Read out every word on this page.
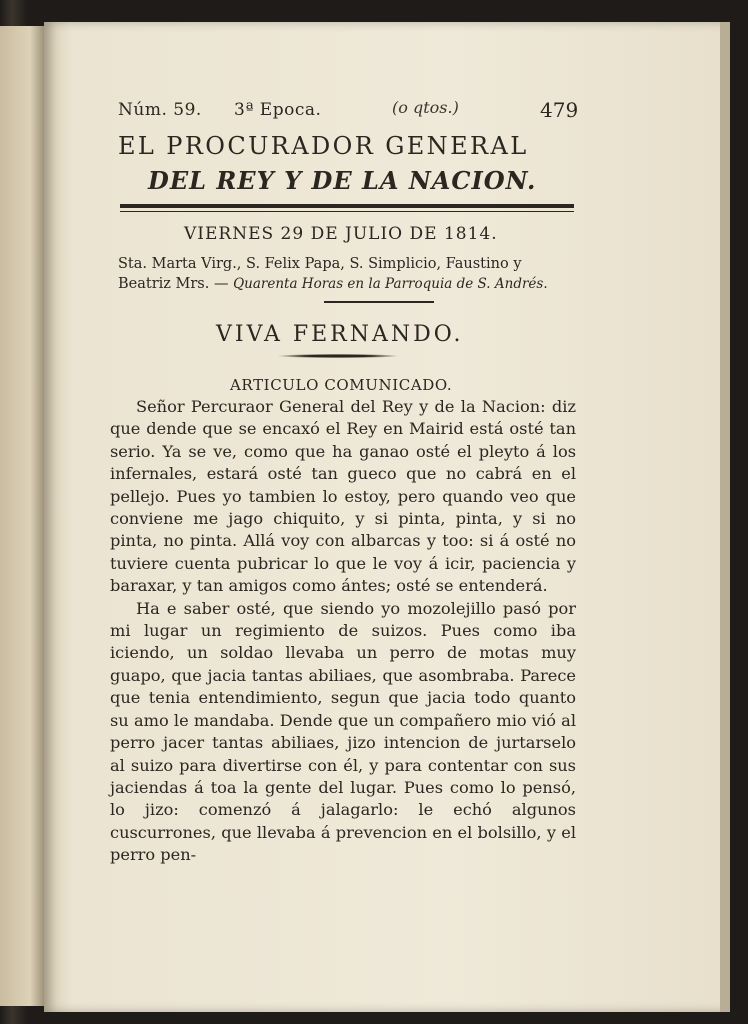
Núm. 59. 3ª Epoca.	(o qtos.)	479
EL PROCURADOR GENERAL
DEL REY Y DE LA NACION.
VIERNES 29 DE JULIO DE 1814.
Sta. Marta Virg., S. Felix Papa, S. Simplicio, Faustino y Beatriz Mrs. — Quarenta Horas en la Parroquia de S. Andrés.
VIVA FERNANDO.
ARTICULO COMUNICADO.

Señor Percuraor General del Rey y de la Nacion: diz que dende que se encaxó el Rey en Mairid está osté tan serio. Ya se ve, como que ha ganao osté el pleyto á los infernales, estará osté tan gueco que no cabrá en el pellejo. Pues yo tambien lo estoy, pero quando veo que conviene me jago chiquito, y si pinta, pinta, y si no pinta, no pinta. Allá voy con albarcas y too: si á osté no tuviere cuenta pubricar lo que le voy á icir, paciencia y baraxar, y tan amigos como ántes; osté se entenderá.

Ha e saber osté, que siendo yo mozolejillo pasó por mi lugar un regimiento de suizos. Pues como iba iciendo, un soldao llevaba un perro de motas muy guapo, que jacia tantas abiliaes, que asombraba. Parece que tenia entendimiento, segun que jacia todo quanto su amo le mandaba. Dende que un compañero mio vió al perro jacer tantas abiliaes, jizo intencion de jurtarselo al suizo para divertirse con él, y para contentar con sus jaciendas á toa la gente del lugar. Pues como lo pensó, lo jizo: comenzó á jalagarlo: le echó algunos cuscurrones, que llevaba á prevencion en el bolsillo, y el perro pen-
